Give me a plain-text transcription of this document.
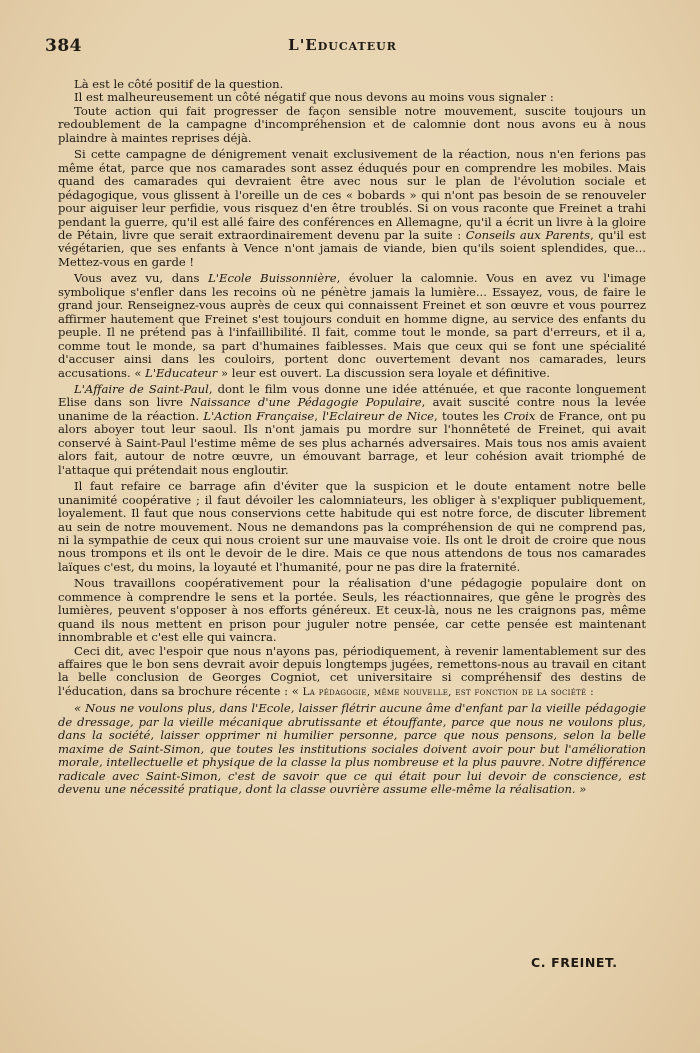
384	L'Educateur

Là est le côté positif de la question.

Il est malheureusement un côté négatif que nous devons au moins vous signaler :

Toute action qui fait progresser de façon sensible notre mouvement, suscite toujours un redoublement de la campagne d'incompréhension et de calomnie dont nous avons eu à nous plaindre à maintes reprises déjà.

Si cette campagne de dénigrement venait exclusivement de la réaction, nous n'en ferions pas même état, parce que nos camarades sont assez éduqués pour en comprendre les mobiles. Mais quand des camarades qui devraient être avec nous sur le plan de l'évolution sociale et pédagogique, vous glissent à l'oreille un de ces « bobards » qui n'ont pas besoin de se renouveler pour aiguiser leur perfidie, vous risquez d'en être troublés. Si on vous raconte que Freinet a trahi pendant la guerre, qu'il est allé faire des conférences en Allemagne, qu'il a écrit un livre à la gloire de Pétain, livre que serait extraordinairement devenu par la suite : Conseils aux Parents, qu'il est végétarien, que ses enfants à Vence n'ont jamais de viande, bien qu'ils soient splendides, que... Mettez-vous en garde !

Vous avez vu, dans L'Ecole Buissonnière, évoluer la calomnie. Vous en avez vu l'image symbolique s'enfler dans les recoins où ne pénètre jamais la lumière... Essayez, vous, de faire le grand jour. Renseignez-vous auprès de ceux qui connaissent Freinet et son œuvre et vous pourrez affirmer hautement que Freinet s'est toujours conduit en homme digne, au service des enfants du peuple. Il ne prétend pas à l'infaillibilité. Il fait, comme tout le monde, sa part d'erreurs, et il a, comme tout le monde, sa part d'humaines faiblesses. Mais que ceux qui se font une spécialité d'accuser ainsi dans les couloirs, portent donc ouvertement devant nos camarades, leurs accusations. « L'Educateur » leur est ouvert. La discussion sera loyale et définitive.

L'Affaire de Saint-Paul, dont le film vous donne une idée atténuée, et que raconte longuement Elise dans son livre Naissance d'une Pédagogie Populaire, avait suscité contre nous la levée unanime de la réaction. L'Action Française, l'Eclaireur de Nice, toutes les Croix de France, ont pu alors aboyer tout leur saoul. Ils n'ont jamais pu mordre sur l'honnêteté de Freinet, qui avait conservé à Saint-Paul l'estime même de ses plus acharnés adversaires. Mais tous nos amis avaient alors fait, autour de notre œuvre, un émouvant barrage, et leur cohésion avait triomphé de l'attaque qui prétendait nous engloutir.

Il faut refaire ce barrage afin d'éviter que la suspicion et le doute entament notre belle unanimité coopérative ; il faut dévoiler les calomniateurs, les obliger à s'expliquer publiquement, loyalement. Il faut que nous conservions cette habitude qui est notre force, de discuter librement au sein de notre mouvement. Nous ne demandons pas la compréhension de qui ne comprend pas, ni la sympathie de ceux qui nous croient sur une mauvaise voie. Ils ont le droit de croire que nous nous trompons et ils ont le devoir de le dire. Mais ce que nous attendons de tous nos camarades laïques c'est, du moins, la loyauté et l'humanité, pour ne pas dire la fraternité.

Nous travaillons coopérativement pour la réalisation d'une pédagogie populaire dont on commence à comprendre le sens et la portée. Seuls, les réactionnaires, que gêne le progrès des lumières, peuvent s'opposer à nos efforts généreux. Et ceux-là, nous ne les craignons pas, même quand ils nous mettent en prison pour juguler notre pensée, car cette pensée est maintenant innombrable et c'est elle qui vaincra.

Ceci dit, avec l'espoir que nous n'ayons pas, périodiquement, à revenir lamentablement sur des affaires que le bon sens devrait avoir depuis longtemps jugées, remettons-nous au travail en citant la belle conclusion de Georges Cogniot, cet universitaire si compréhensif des destins de l'éducation, dans sa brochure récente : « La pédagogie, même nouvelle, est fonction de la société :

« Nous ne voulons plus, dans l'Ecole, laisser flétrir aucune âme d'enfant par la vieille pédagogie de dressage, par la vieille mécanique abrutissante et étouffante, parce que nous ne voulons plus, dans la société, laisser opprimer ni humilier personne, parce que nous pensons, selon la belle maxime de Saint-Simon, que toutes les institutions sociales doivent avoir pour but l'amélioration morale, intellectuelle et physique de la classe la plus nombreuse et la plus pauvre. Notre différence radicale avec Saint-Simon, c'est de savoir que ce qui était pour lui devoir de conscience, est devenu une nécessité pratique, dont la classe ouvrière assume elle-même la réalisation. »

C. FREINET.
